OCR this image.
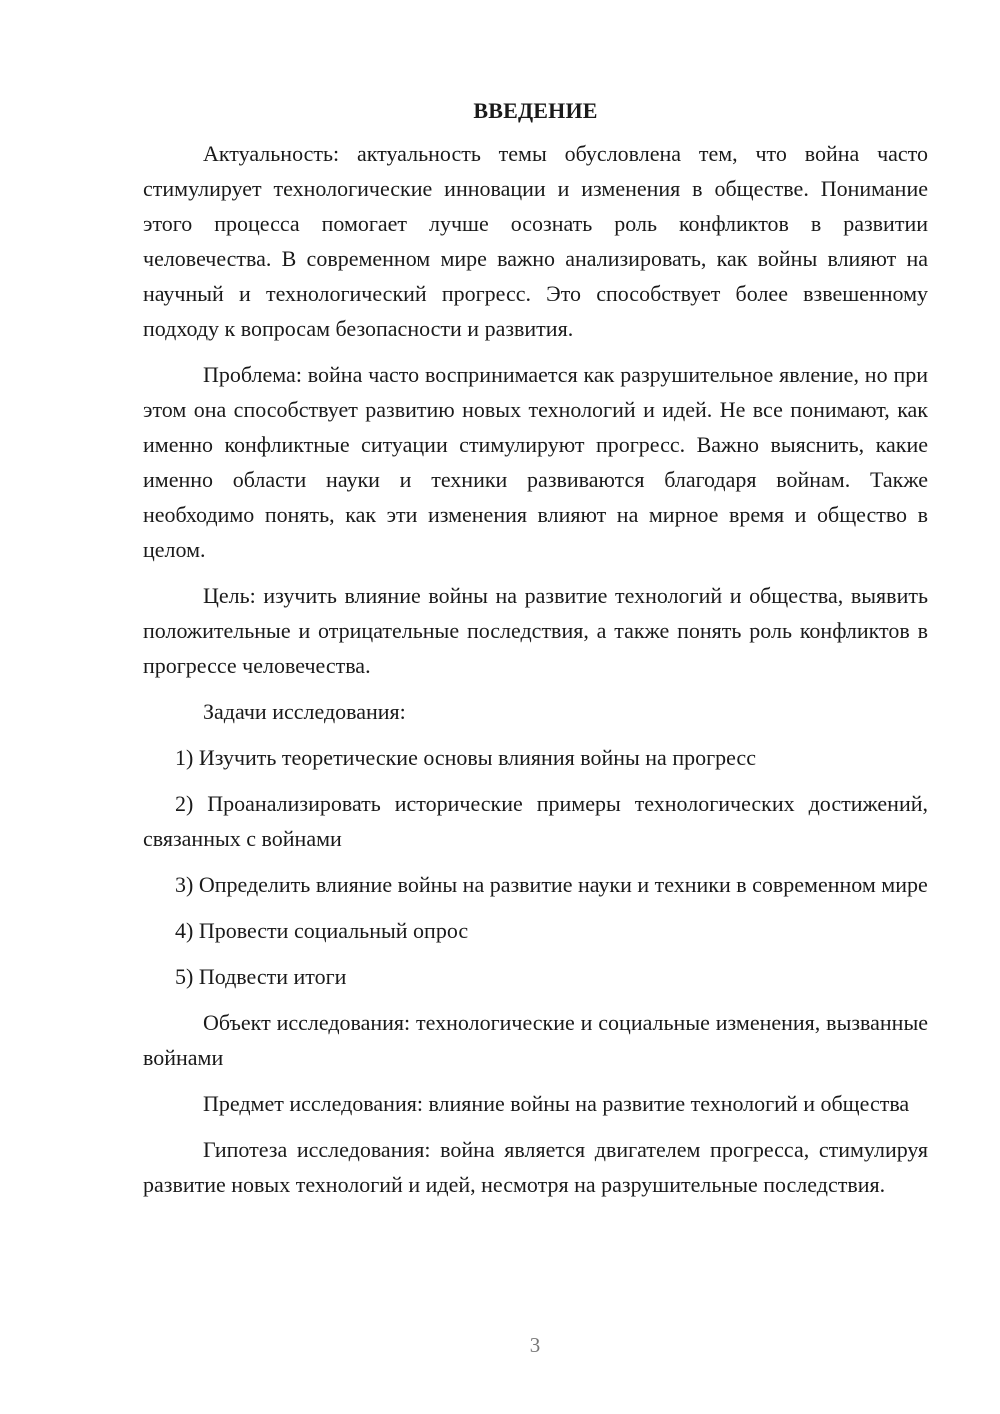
ВВЕДЕНИЕ

Актуальность: актуальность темы обусловлена тем, что война часто стимулирует технологические инновации и изменения в обществе. Понимание этого процесса помогает лучше осознать роль конфликтов в развитии человечества. В современном мире важно анализировать, как войны влияют на научный и технологический прогресс. Это способствует более взвешенному подходу к вопросам безопасности и развития.

Проблема: война часто воспринимается как разрушительное явление, но при этом она способствует развитию новых технологий и идей. Не все понимают, как именно конфликтные ситуации стимулируют прогресс. Важно выяснить, какие именно области науки и техники развиваются благодаря войнам. Также необходимо понять, как эти изменения влияют на мирное время и общество в целом.

Цель: изучить влияние войны на развитие технологий и общества, выявить положительные и отрицательные последствия, а также понять роль конфликтов в прогрессе человечества.

Задачи исследования:

1) Изучить теоретические основы влияния войны на прогресс

2) Проанализировать исторические примеры технологических достижений, связанных с войнами

3) Определить влияние войны на развитие науки и техники в современном мире

4) Провести социальный опрос

5) Подвести итоги

Объект исследования: технологические и социальные изменения, вызванные войнами

Предмет исследования: влияние войны на развитие технологий и общества

Гипотеза исследования: война является двигателем прогресса, стимулируя развитие новых технологий и идей, несмотря на разрушительные последствия.

3
